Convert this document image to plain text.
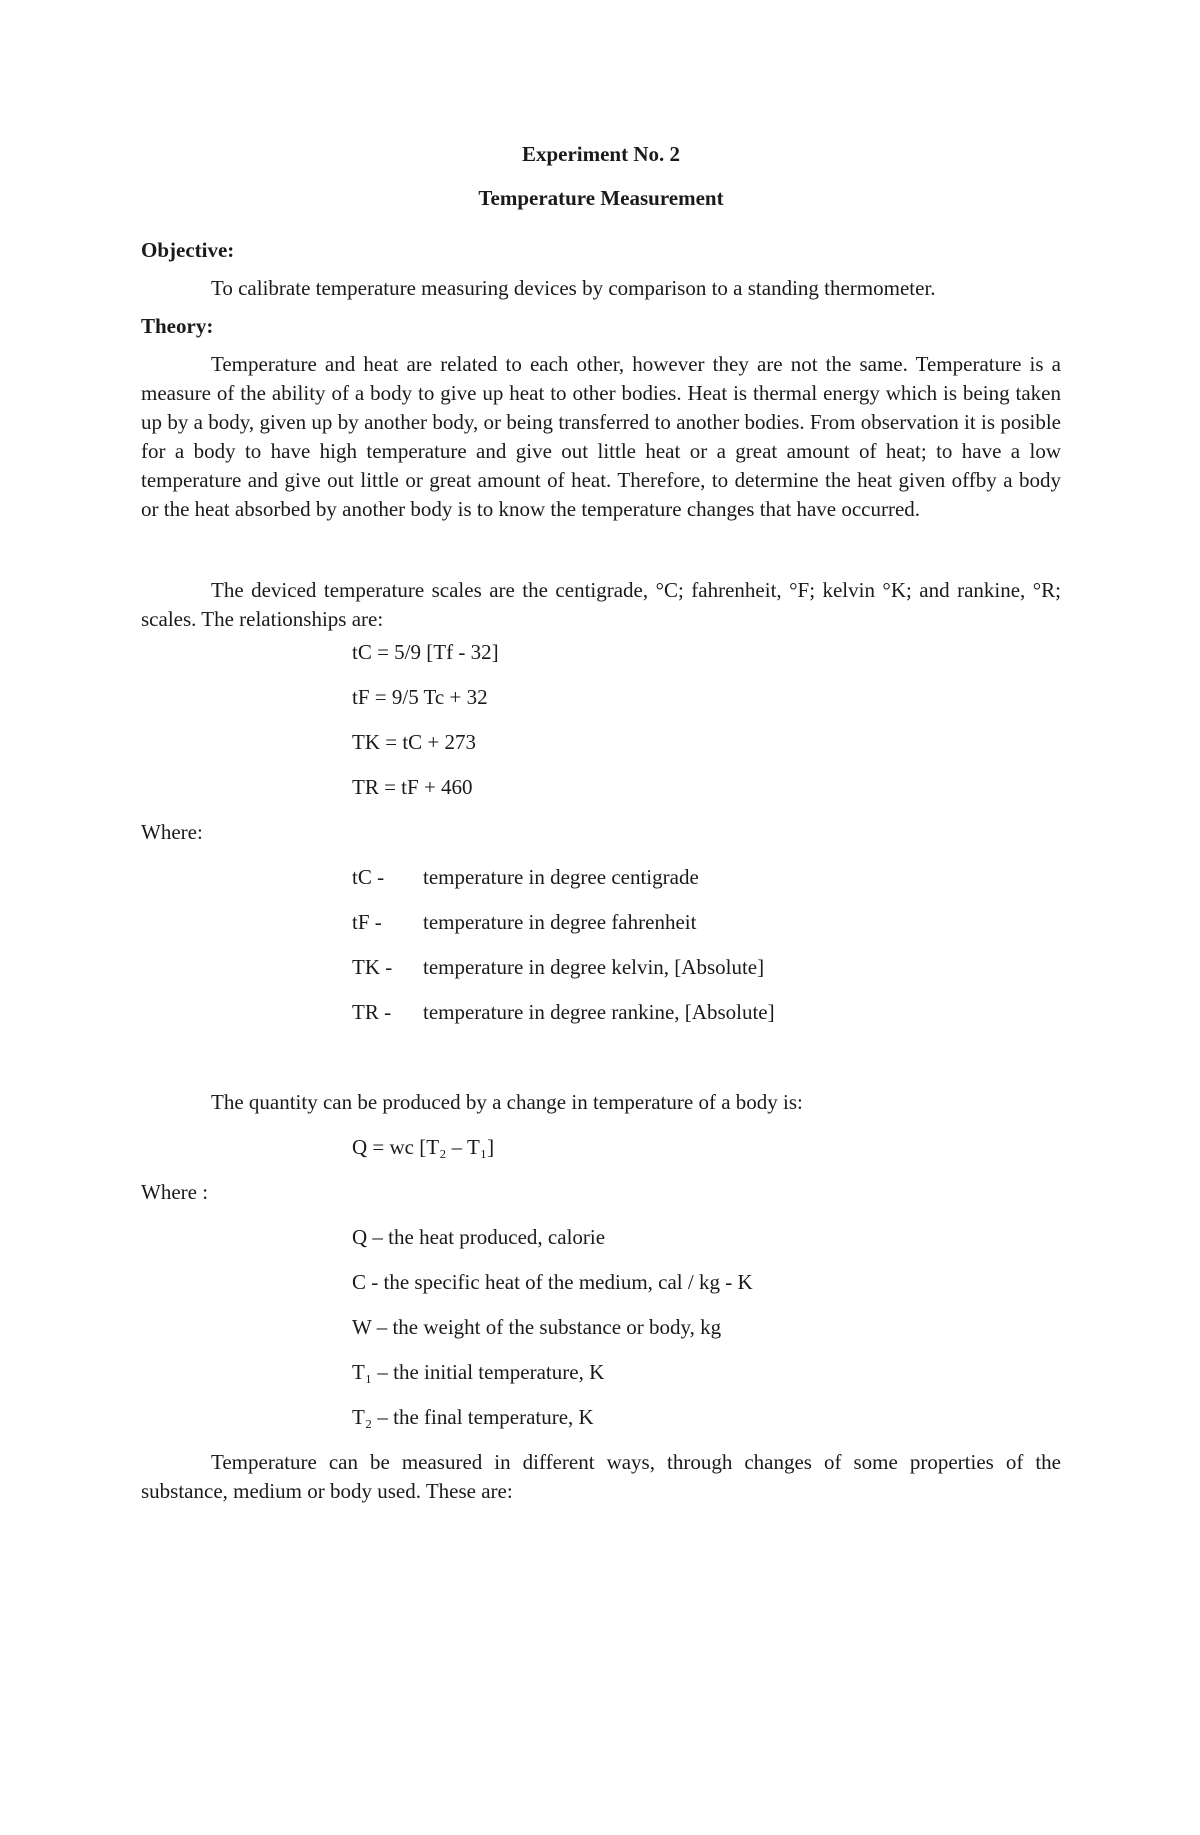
Experiment No. 2
Temperature Measurement
Objective:
To calibrate temperature measuring devices by comparison to a standing thermometer.
Theory:
Temperature and heat are related to each other, however they are not the same. Temperature is a measure of the ability of a body to give up heat to other bodies. Heat is thermal energy which is being taken up by a body, given up by another body, or being transferred to another bodies. From observation it is posible for a body to have high temperature and give out little heat or a great amount of heat; to have a low temperature and give out little or great amount of heat. Therefore, to determine the heat given offby a body or the heat absorbed by another body is to know the temperature changes that have occurred.
The deviced temperature scales are the centigrade, °C; fahrenheit, °F; kelvin °K; and rankine, °R; scales. The relationships are:
tC = 5/9 [Tf - 32]
tF = 9/5 Tc + 32
TK = tC + 273
TR = tF + 460
Where:
tC - temperature in degree centigrade
tF - temperature in degree fahrenheit
TK - temperature in degree kelvin, [Absolute]
TR - temperature in degree rankine, [Absolute]
The quantity can be produced by a change in temperature of a body is:
Q = wc [T₂ – T₁]
Where :
Q – the heat produced, calorie
C - the specific heat of the medium, cal / kg - K
W – the weight of the substance or body, kg
T₁ – the initial temperature, K
T₂ – the final temperature, K
Temperature can be measured in different ways, through changes of some properties of the substance, medium or body used. These are:
